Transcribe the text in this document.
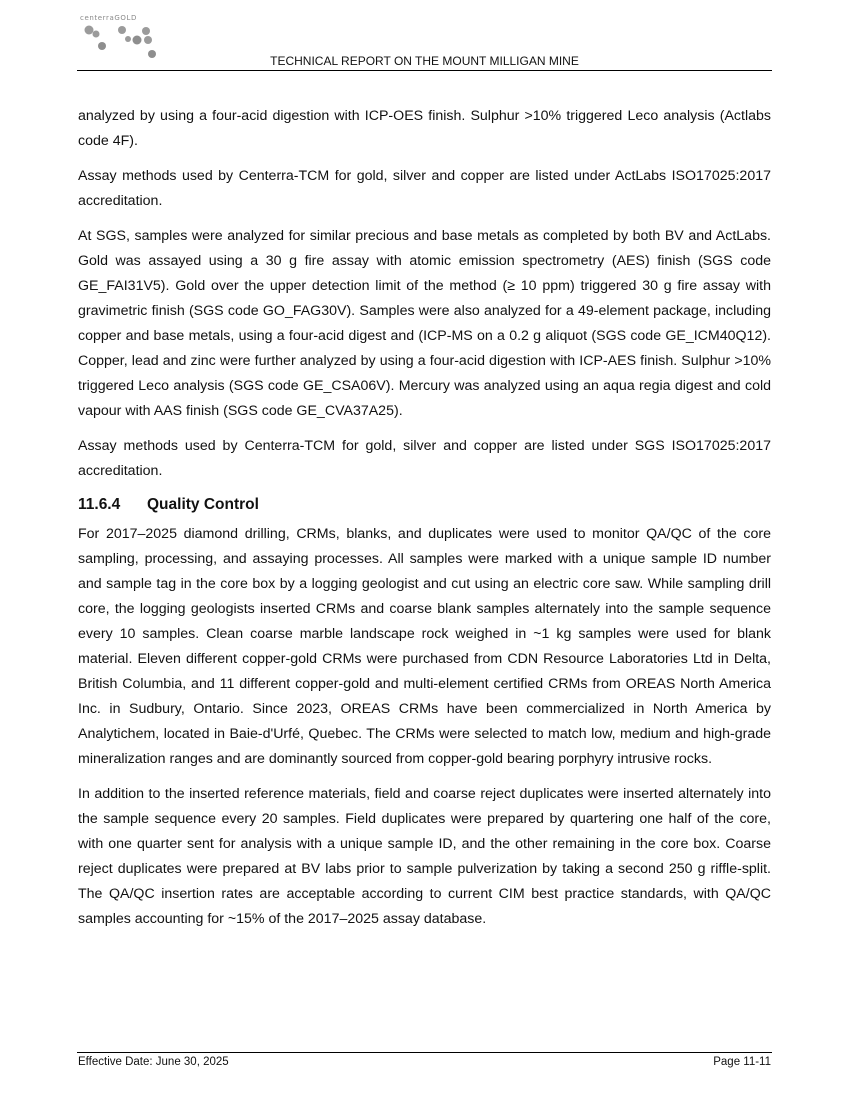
centerraGOLD
TECHNICAL REPORT ON THE MOUNT MILLIGAN MINE

analyzed by using a four-acid digestion with ICP-OES finish. Sulphur >10% triggered Leco analysis (Actlabs code 4F).

Assay methods used by Centerra-TCM for gold, silver and copper are listed under ActLabs ISO17025:2017 accreditation.

At SGS, samples were analyzed for similar precious and base metals as completed by both BV and ActLabs. Gold was assayed using a 30 g fire assay with atomic emission spectrometry (AES) finish (SGS code GE_FAI31V5). Gold over the upper detection limit of the method (≥ 10 ppm) triggered 30 g fire assay with gravimetric finish (SGS code GO_FAG30V). Samples were also analyzed for a 49-element package, including copper and base metals, using a four-acid digest and (ICP-MS on a 0.2 g aliquot (SGS code GE_ICM40Q12). Copper, lead and zinc were further analyzed by using a four-acid digestion with ICP-AES finish. Sulphur >10% triggered Leco analysis (SGS code GE_CSA06V). Mercury was analyzed using an aqua regia digest and cold vapour with AAS finish (SGS code GE_CVA37A25).

Assay methods used by Centerra-TCM for gold, silver and copper are listed under SGS ISO17025:2017 accreditation.

11.6.4 Quality Control

For 2017–2025 diamond drilling, CRMs, blanks, and duplicates were used to monitor QA/QC of the core sampling, processing, and assaying processes. All samples were marked with a unique sample ID number and sample tag in the core box by a logging geologist and cut using an electric core saw. While sampling drill core, the logging geologists inserted CRMs and coarse blank samples alternately into the sample sequence every 10 samples. Clean coarse marble landscape rock weighed in ~1 kg samples were used for blank material. Eleven different copper-gold CRMs were purchased from CDN Resource Laboratories Ltd in Delta, British Columbia, and 11 different copper-gold and multi-element certified CRMs from OREAS North America Inc. in Sudbury, Ontario. Since 2023, OREAS CRMs have been commercialized in North America by Analytichem, located in Baie-d'Urfé, Quebec. The CRMs were selected to match low, medium and high-grade mineralization ranges and are dominantly sourced from copper-gold bearing porphyry intrusive rocks.

In addition to the inserted reference materials, field and coarse reject duplicates were inserted alternately into the sample sequence every 20 samples. Field duplicates were prepared by quartering one half of the core, with one quarter sent for analysis with a unique sample ID, and the other remaining in the core box. Coarse reject duplicates were prepared at BV labs prior to sample pulverization by taking a second 250 g riffle-split. The QA/QC insertion rates are acceptable according to current CIM best practice standards, with QA/QC samples accounting for ~15% of the 2017–2025 assay database.

Effective Date: June 30, 2025	Page 11-11
